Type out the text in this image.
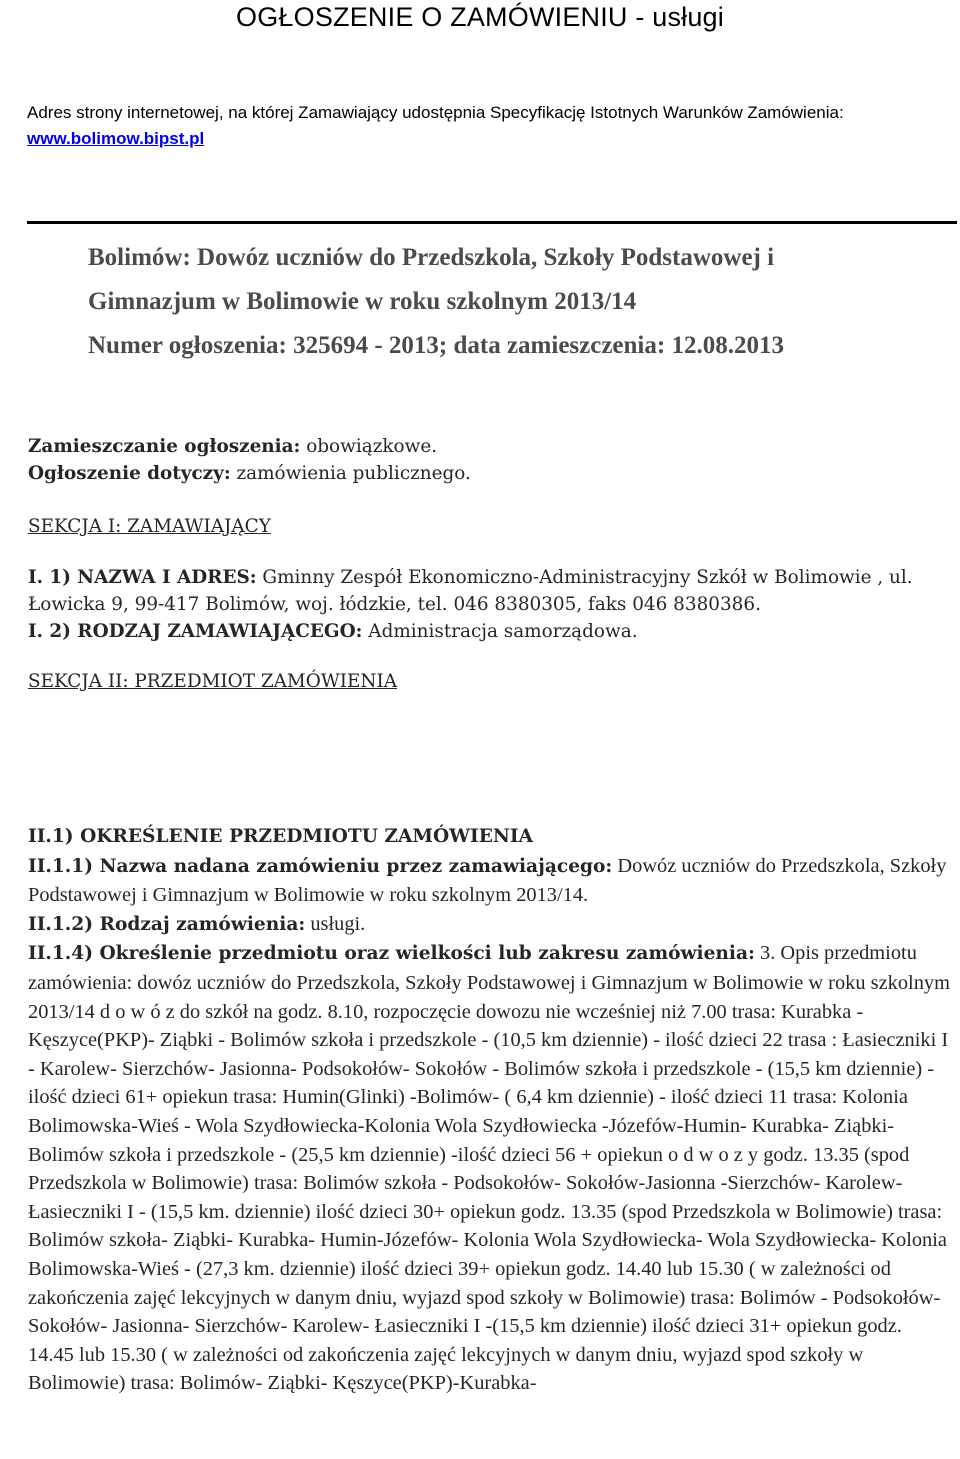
OGŁOSZENIE O ZAMÓWIENIU - usługi
Adres strony internetowej, na której Zamawiający udostępnia Specyfikację Istotnych Warunków Zamówienia:
www.bolimow.bipst.pl
Bolimów: Dowóz uczniów do Przedszkola, Szkoły Podstawowej i
Gimnazjum w Bolimowie w roku szkolnym 2013/14
Numer ogłoszenia: 325694 - 2013; data zamieszczenia: 12.08.2013

Zamieszczanie ogłoszenia: obowiązkowe.

Ogłoszenie dotyczy: zamówienia publicznego.

SEKCJA I: ZAMAWIAJĄCY

I. 1) NAZWA I ADRES: Gminny Zespół Ekonomiczno-Administracyjny Szkół w Bolimowie , ul. Łowicka 9, 99-417 Bolimów, woj. łódzkie, tel. 046 8380305, faks 046 8380386.

I. 2) RODZAJ ZAMAWIAJĄCEGO: Administracja samorządowa.

SEKCJA II: PRZEDMIOT ZAMÓWIENIA

II.1) OKREŚLENIE PRZEDMIOTU ZAMÓWIENIA

II.1.1) Nazwa nadana zamówieniu przez zamawiającego: Dowóz uczniów do Przedszkola, Szkoły Podstawowej i Gimnazjum w Bolimowie w roku szkolnym 2013/14.

II.1.2) Rodzaj zamówienia: usługi.

II.1.4) Określenie przedmiotu oraz wielkości lub zakresu zamówienia: 3. Opis przedmiotu zamówienia: dowóz uczniów do Przedszkola, Szkoły Podstawowej i Gimnazjum w Bolimowie w roku szkolnym 2013/14 d o w ó z do szkół na godz. 8.10, rozpoczęcie dowozu nie wcześniej niż 7.00 trasa: Kurabka - Kęszyce(PKP)- Ziąbki - Bolimów szkoła i przedszkole - (10,5 km dziennie) - ilość dzieci 22 trasa : Łasieczniki I - Karolew- Sierzchów- Jasionna- Podsokołów- Sokołów - Bolimów szkoła i przedszkole - (15,5 km dziennie) - ilość dzieci 61+ opiekun trasa: Humin(Glinki) -Bolimów- ( 6,4 km dziennie) - ilość dzieci 11 trasa: Kolonia Bolimowska-Wieś - Wola Szydłowiecka-Kolonia Wola Szydłowiecka -Józefów-Humin- Kurabka- Ziąbki- Bolimów szkoła i przedszkole - (25,5 km dziennie) -ilość dzieci 56 + opiekun o d w o z y godz. 13.35 (spod Przedszkola w Bolimowie) trasa: Bolimów szkoła - Podsokołów- Sokołów-Jasionna -Sierzchów- Karolew- Łasieczniki I - (15,5 km. dziennie) ilość dzieci 30+ opiekun godz. 13.35 (spod Przedszkola w Bolimowie) trasa: Bolimów szkoła- Ziąbki- Kurabka- Humin-Józefów- Kolonia Wola Szydłowiecka- Wola Szydłowiecka- Kolonia Bolimowska-Wieś - (27,3 km. dziennie) ilość dzieci 39+ opiekun godz. 14.40 lub 15.30 ( w zależności od zakończenia zajęć lekcyjnych w danym dniu, wyjazd spod szkoły w Bolimowie) trasa: Bolimów - Podsokołów- Sokołów- Jasionna- Sierzchów- Karolew- Łasieczniki I -(15,5 km dziennie) ilość dzieci 31+ opiekun godz. 14.45 lub 15.30 ( w zależności od zakończenia zajęć lekcyjnych w danym dniu, wyjazd spod szkoły w Bolimowie) trasa: Bolimów- Ziąbki- Kęszyce(PKP)-Kurabka-
